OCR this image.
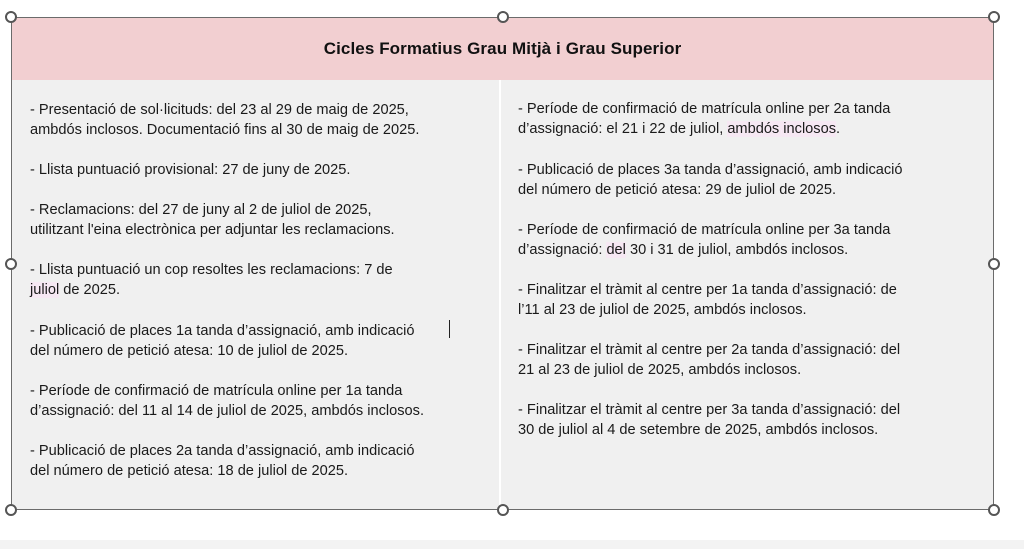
Cicles Formatius Grau Mitjà i Grau Superior
- Presentació de sol·licituds: del 23 al 29 de maig de 2025,
ambdós inclosos. Documentació fins al 30 de maig de 2025.
- Llista puntuació provisional: 27 de juny de 2025.
- Reclamacions: del 27 de juny al 2 de juliol de 2025,
utilitzant l'eina electrònica per adjuntar les reclamacions.
- Llista puntuació un cop resoltes les reclamacions: 7 de
juliol de 2025.
- Publicació de places 1a tanda d’assignació, amb indicació
del número de petició atesa: 10 de juliol de 2025.
- Període de confirmació de matrícula online per 1a tanda
d’assignació: del 11 al 14 de juliol de 2025, ambdós inclosos.
- Publicació de places 2a tanda d’assignació, amb indicació
del número de petició atesa: 18 de juliol de 2025.
- Període de confirmació de matrícula online per 2a tanda
d’assignació: el 21 i 22 de juliol, ambdós inclosos.
- Publicació de places 3a tanda d’assignació, amb indicació
del número de petició atesa: 29 de juliol de 2025.
- Període de confirmació de matrícula online per 3a tanda
d’assignació: del 30 i 31 de juliol, ambdós inclosos.
- Finalitzar el tràmit al centre per 1a tanda d’assignació: de
l’11 al 23 de juliol de 2025, ambdós inclosos.
- Finalitzar el tràmit al centre per 2a tanda d’assignació: del
21 al 23 de juliol de 2025, ambdós inclosos.
- Finalitzar el tràmit al centre per 3a tanda d’assignació: del
30 de juliol al 4 de setembre de 2025, ambdós inclosos.
